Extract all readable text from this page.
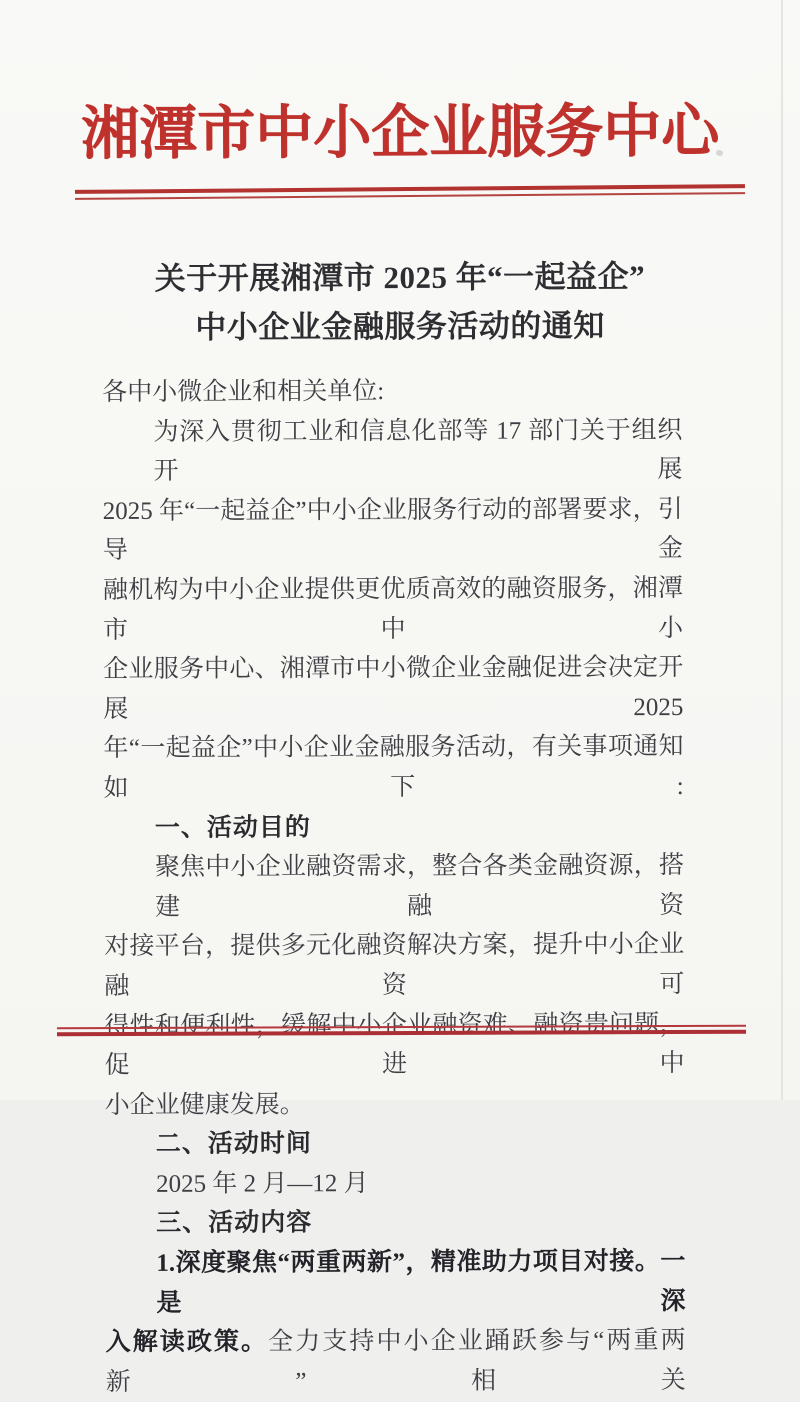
湘潭市中小企业服务中心
关于开展湘潭市 2025 年“一起益企”
中小企业金融服务活动的通知
各中小微企业和相关单位:
为深入贯彻工业和信息化部等 17 部门关于组织开展
2025 年“一起益企”中小企业服务行动的部署要求，引导金
融机构为中小企业提供更优质高效的融资服务，湘潭市中小
企业服务中心、湘潭市中小微企业金融促进会决定开展 2025
年“一起益企”中小企业金融服务活动，有关事项通知如下:
一、活动目的
聚焦中小企业融资需求，整合各类金融资源，搭建融资
对接平台，提供多元化融资解决方案，提升中小企业融资可
得性和便利性，缓解中小企业融资难、融资贵问题，促进中
小企业健康发展。
二、活动时间
2025 年 2 月—12 月
三、活动内容
1.深度聚焦“两重两新”，精准助力项目对接。一是深
入解读政策。全力支持中小企业踊跃参与“两重两新”相关
